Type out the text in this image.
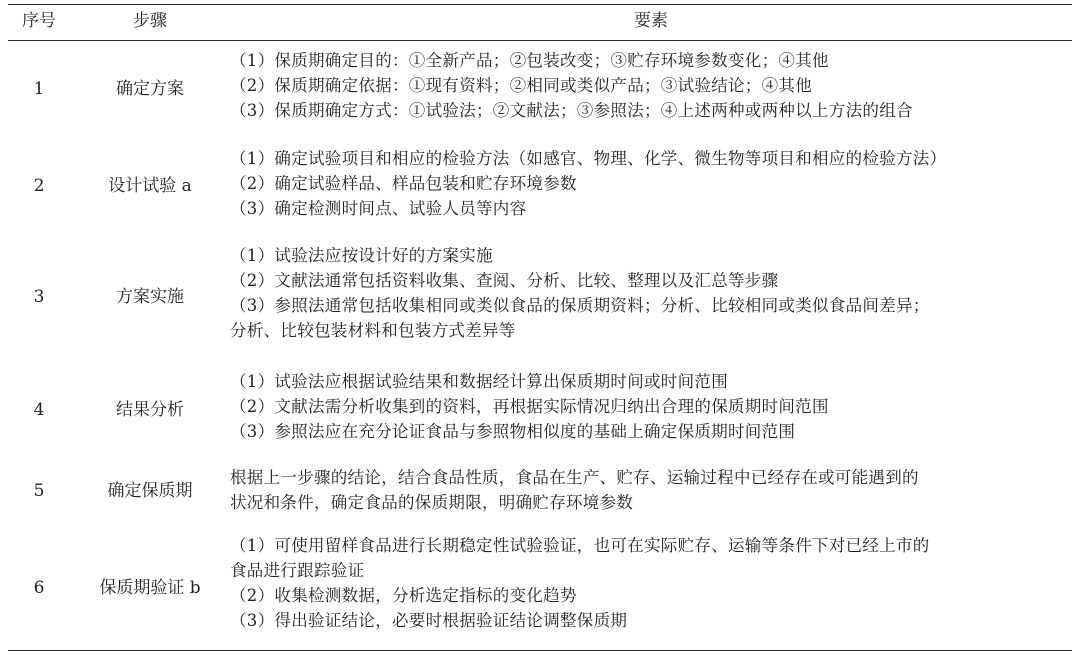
序号	步骤	要素
1	确定方案
（1）保质期确定目的：①全新产品；②包装改变；③贮存环境参数变化；④其他
（2）保质期确定依据：①现有资料；②相同或类似产品；③试验结论；④其他
（3）保质期确定方式：①试验法；②文献法；③参照法；④上述两种或两种以上方法的组合
2	设计试验 a
（1）确定试验项目和相应的检验方法（如感官、物理、化学、微生物等项目和相应的检验方法）
（2）确定试验样品、样品包装和贮存环境参数
（3）确定检测时间点、试验人员等内容
3	方案实施
（1）试验法应按设计好的方案实施
（2）文献法通常包括资料收集、查阅、分析、比较、整理以及汇总等步骤
（3）参照法通常包括收集相同或类似食品的保质期资料；分析、比较相同或类似食品间差异；
分析、比较包装材料和包装方式差异等
4	结果分析
（1）试验法应根据试验结果和数据经计算出保质期时间或时间范围
（2）文献法需分析收集到的资料，再根据实际情况归纳出合理的保质期时间范围
（3）参照法应在充分论证食品与参照物相似度的基础上确定保质期时间范围
5	确定保质期
根据上一步骤的结论，结合食品性质，食品在生产、贮存、运输过程中已经存在或可能遇到的
状况和条件，确定食品的保质期限，明确贮存环境参数
6	保质期验证 b
（1）可使用留样食品进行长期稳定性试验验证，也可在实际贮存、运输等条件下对已经上市的
食品进行跟踪验证
（2）收集检测数据，分析选定指标的变化趋势
（3）得出验证结论，必要时根据验证结论调整保质期
